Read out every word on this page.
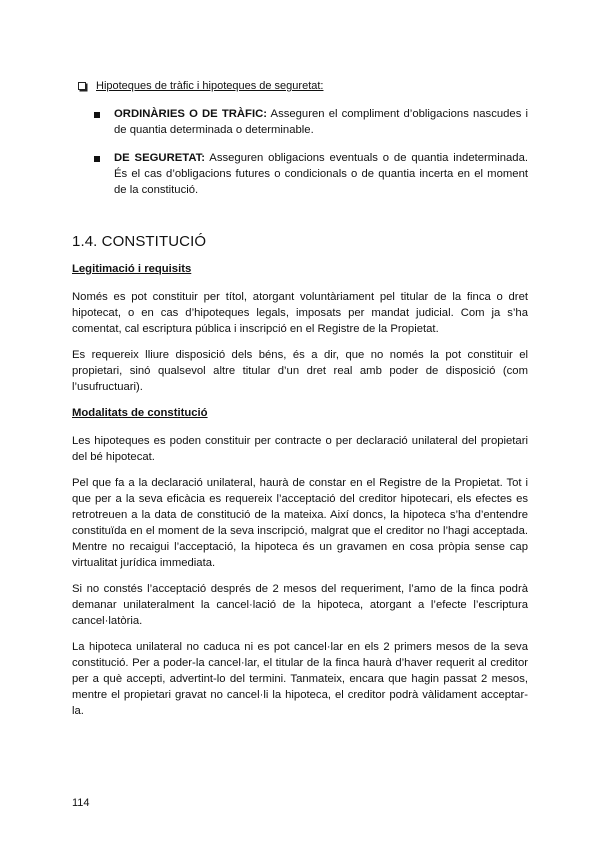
Hipoteques de tràfic i hipoteques de seguretat:

ORDINÀRIES O DE TRÀFIC: Asseguren el compliment d’obligacions nascudes i de quantia determinada o determinable.

DE SEGURETAT: Asseguren obligacions eventuals o de quantia indeterminada. És el cas d’obligacions futures o condicionals o de quantia incerta en el moment de la constitució.

1.4. CONSTITUCIÓ
Legitimació i requisits

Només es pot constituir per títol, atorgant voluntàriament pel titular de la finca o dret hipotecat, o en cas d’hipoteques legals, imposats per mandat judicial. Com ja s’ha comentat, cal escriptura pública i inscripció en el Registre de la Propietat.

Es requereix lliure disposició dels béns, és a dir, que no només la pot constituir el propietari, sinó qualsevol altre titular d’un dret real amb poder de disposició (com l’usufructuari).

Modalitats de constitució

Les hipoteques es poden constituir per contracte o per declaració unilateral del propietari del bé hipotecat.

Pel que fa a la declaració unilateral, haurà de constar en el Registre de la Propietat. Tot i que per a la seva eficàcia es requereix l’acceptació del creditor hipotecari, els efectes es retrotreuen a la data de constitució de la mateixa. Així doncs, la hipoteca s’ha d’entendre constituïda en el moment de la seva inscripció, malgrat que el creditor no l’hagi acceptada. Mentre no recaigui l’acceptació, la hipoteca és un gravamen en cosa pròpia sense cap virtualitat jurídica immediata.

Si no constés l’acceptació després de 2 mesos del requeriment, l’amo de la finca podrà demanar unilateralment la cancel·lació de la hipoteca, atorgant a l’efecte l’escriptura cancel·latòria.

La hipoteca unilateral no caduca ni es pot cancel·lar en els 2 primers mesos de la seva constitució. Per a poder-la cancel·lar, el titular de la finca haurà d’haver requerit al creditor per a què accepti, advertint-lo del termini. Tanmateix, encara que hagin passat 2 mesos, mentre el propietari gravat no cancel·li la hipoteca, el creditor podrà vàlidament acceptar-la.

114
